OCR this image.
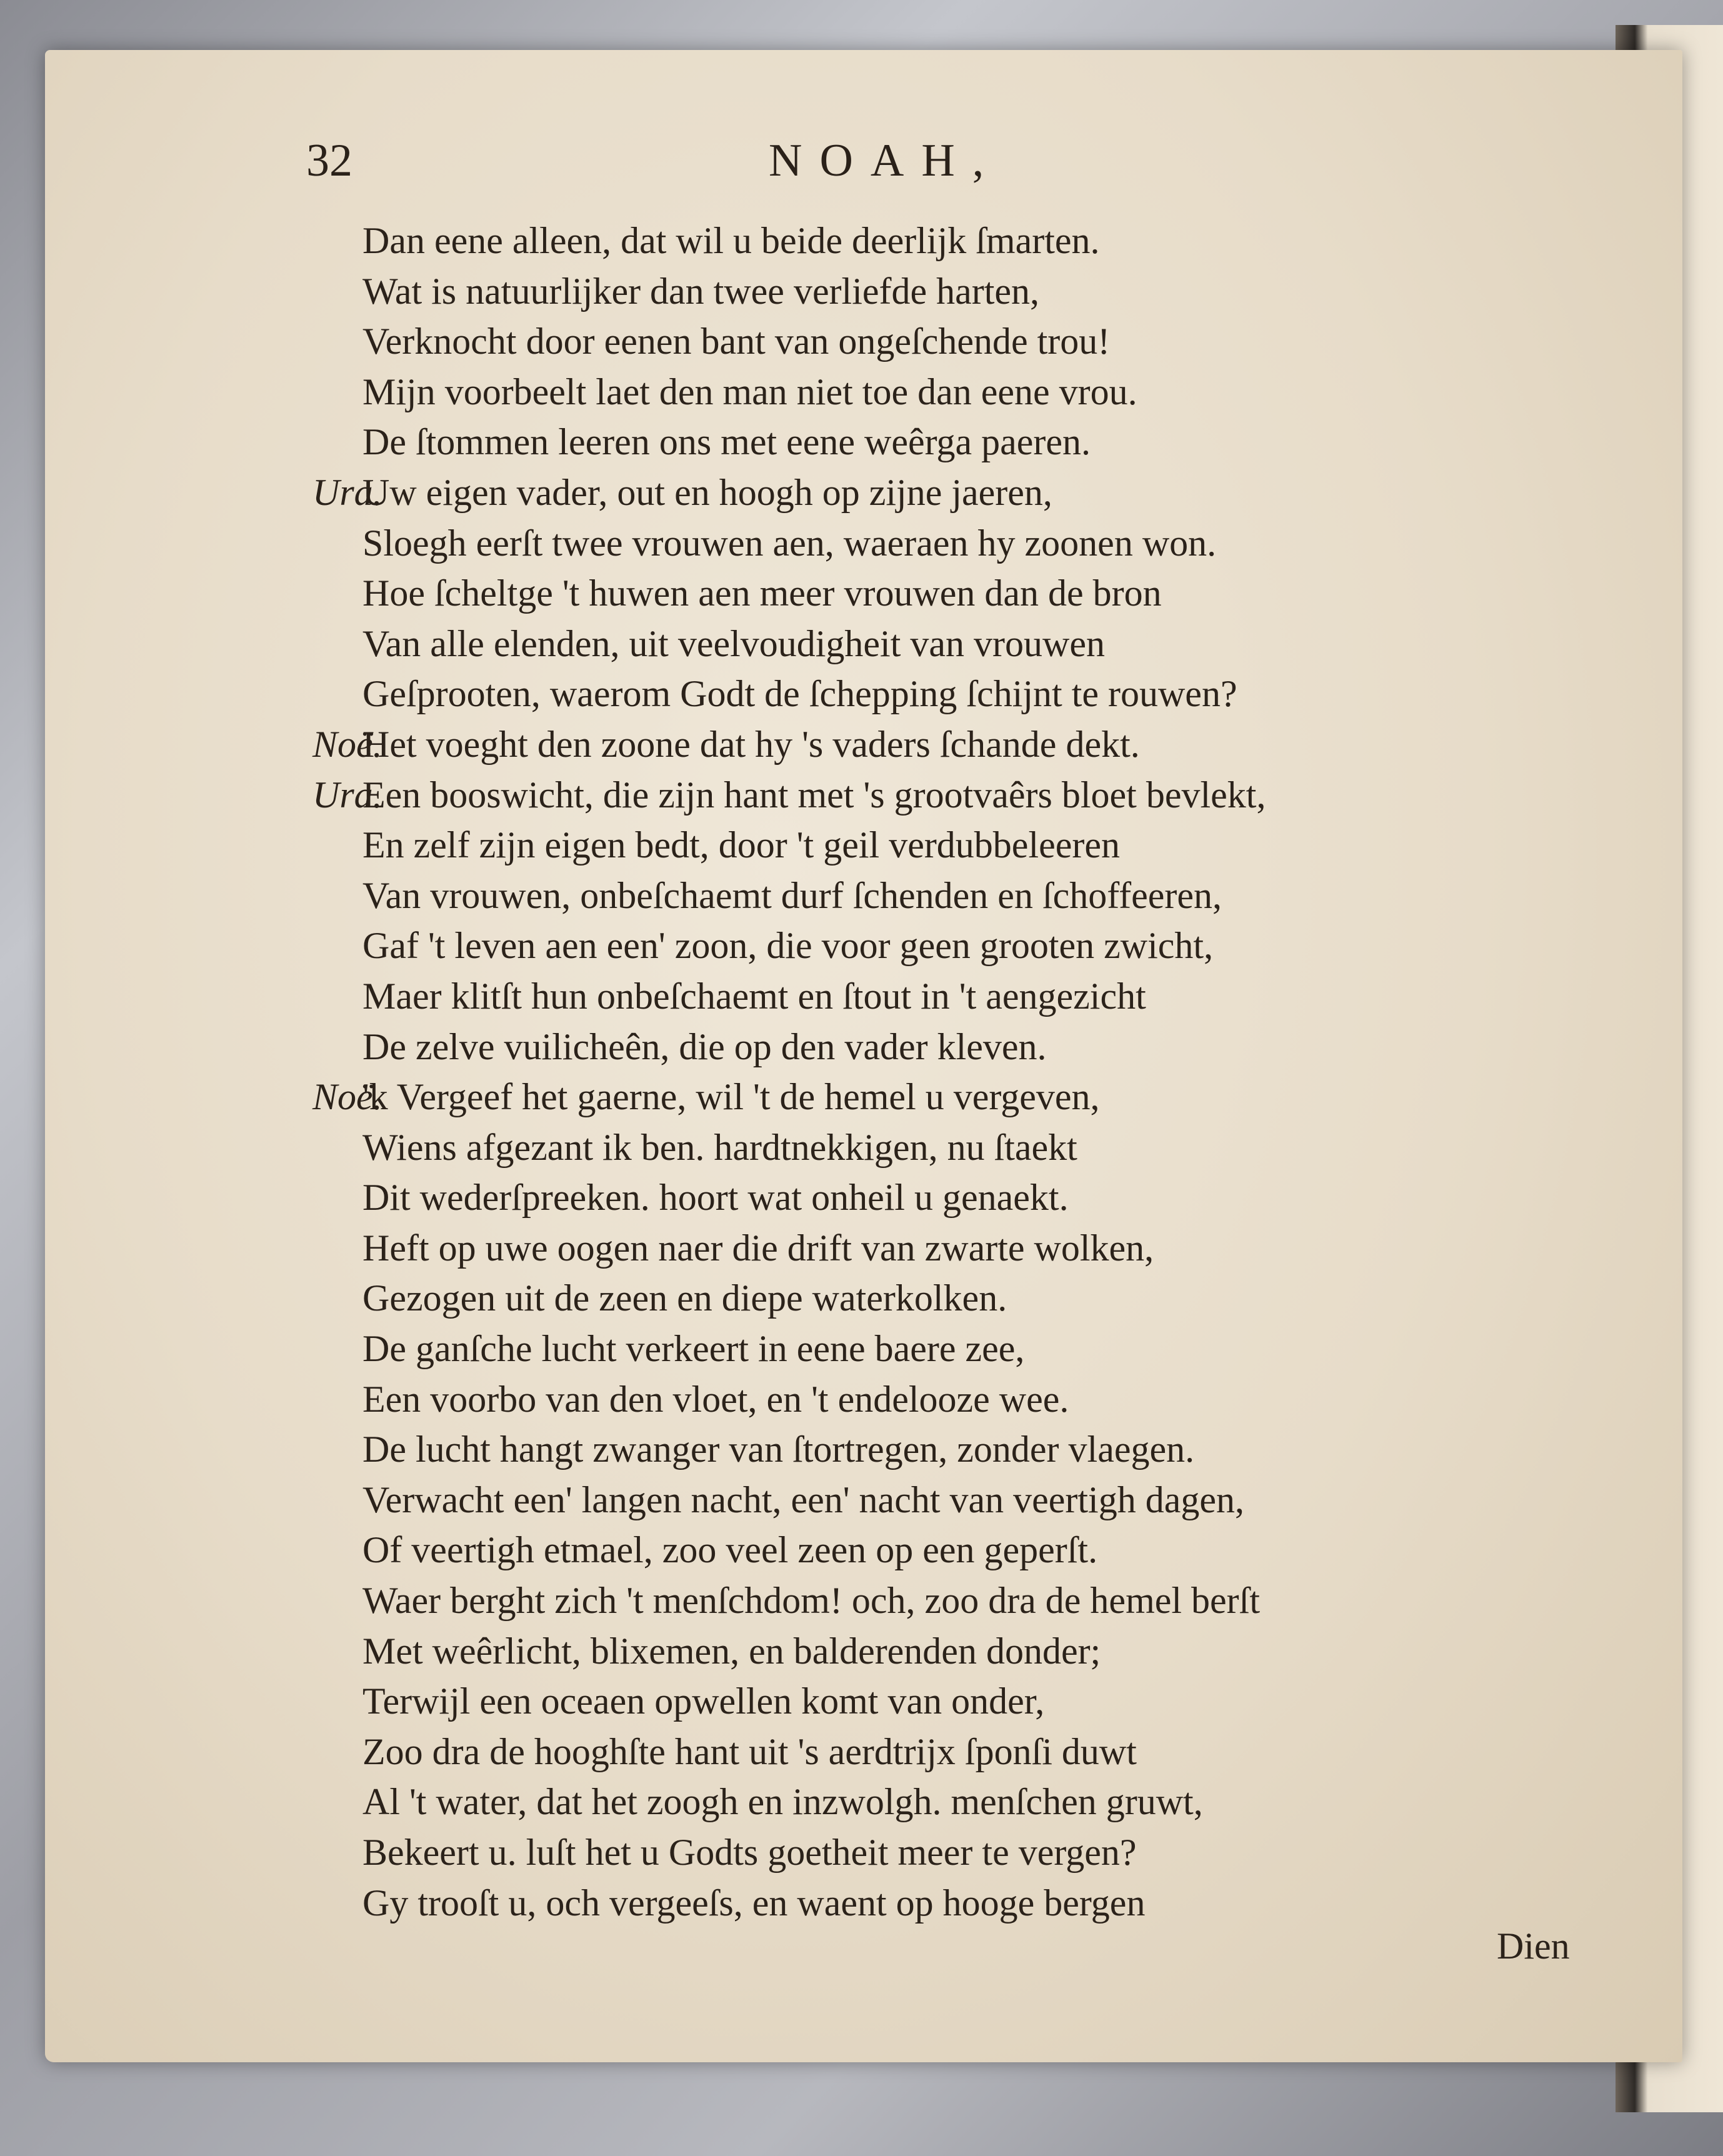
32	NOAH,
Dan eene alleen, dat wil u beide deerlijk ſmarten.
Wat is natuurlijker dan twee verliefde harten,
Verknocht door eenen bant van ongeſchende trou!
Mijn voorbeelt laet den man niet toe dan eene vrou.
De ſtommen leeren ons met eene weêrga paeren.
Ura.
Uw eigen vader, out en hoogh op zijne jaeren,
Sloegh eerſt twee vrouwen aen, waeraen hy zoonen won.
Hoe ſcheltge 't huwen aen meer vrouwen dan de bron
Van alle elenden, uit veelvoudigheit van vrouwen
Geſprooten, waerom Godt de ſchepping ſchijnt te rouwen?
Noë.
Het voeght den zoone dat hy 's vaders ſchande dekt.
Ura.
Een booswicht, die zijn hant met 's grootvaêrs bloet bevlekt,
En zelf zijn eigen bedt, door 't geil verdubbeleeren
Van vrouwen, onbeſchaemt durf ſchenden en ſchoffeeren,
Gaf 't leven aen een' zoon, die voor geen grooten zwicht,
Maer klitſt hun onbeſchaemt en ſtout in 't aengezicht
De zelve vuilicheên, die op den vader kleven.
Noë.
'k Vergeef het gaerne, wil 't de hemel u vergeven,
Wiens afgezant ik ben. hardtnekkigen, nu ſtaekt
Dit wederſpreeken. hoort wat onheil u genaekt.
Heft op uwe oogen naer die drift van zwarte wolken,
Gezogen uit de zeen en diepe waterkolken.
De ganſche lucht verkeert in eene baere zee,
Een voorbo van den vloet, en 't endelooze wee.
De lucht hangt zwanger van ſtortregen, zonder vlaegen.
Verwacht een' langen nacht, een' nacht van veertigh dagen,
Of veertigh etmael, zoo veel zeen op een geperſt.
Waer berght zich 't menſchdom! och, zoo dra de hemel berſt
Met weêrlicht, blixemen, en balderenden donder;
Terwijl een oceaen opwellen komt van onder,
Zoo dra de hooghſte hant uit 's aerdtrijx ſponſi duwt
Al 't water, dat het zoogh en inzwolgh. menſchen gruwt,
Bekeert u. luſt het u Godts goetheit meer te vergen?
Gy trooſt u, och vergeeſs, en waent op hooge bergen
Dien
